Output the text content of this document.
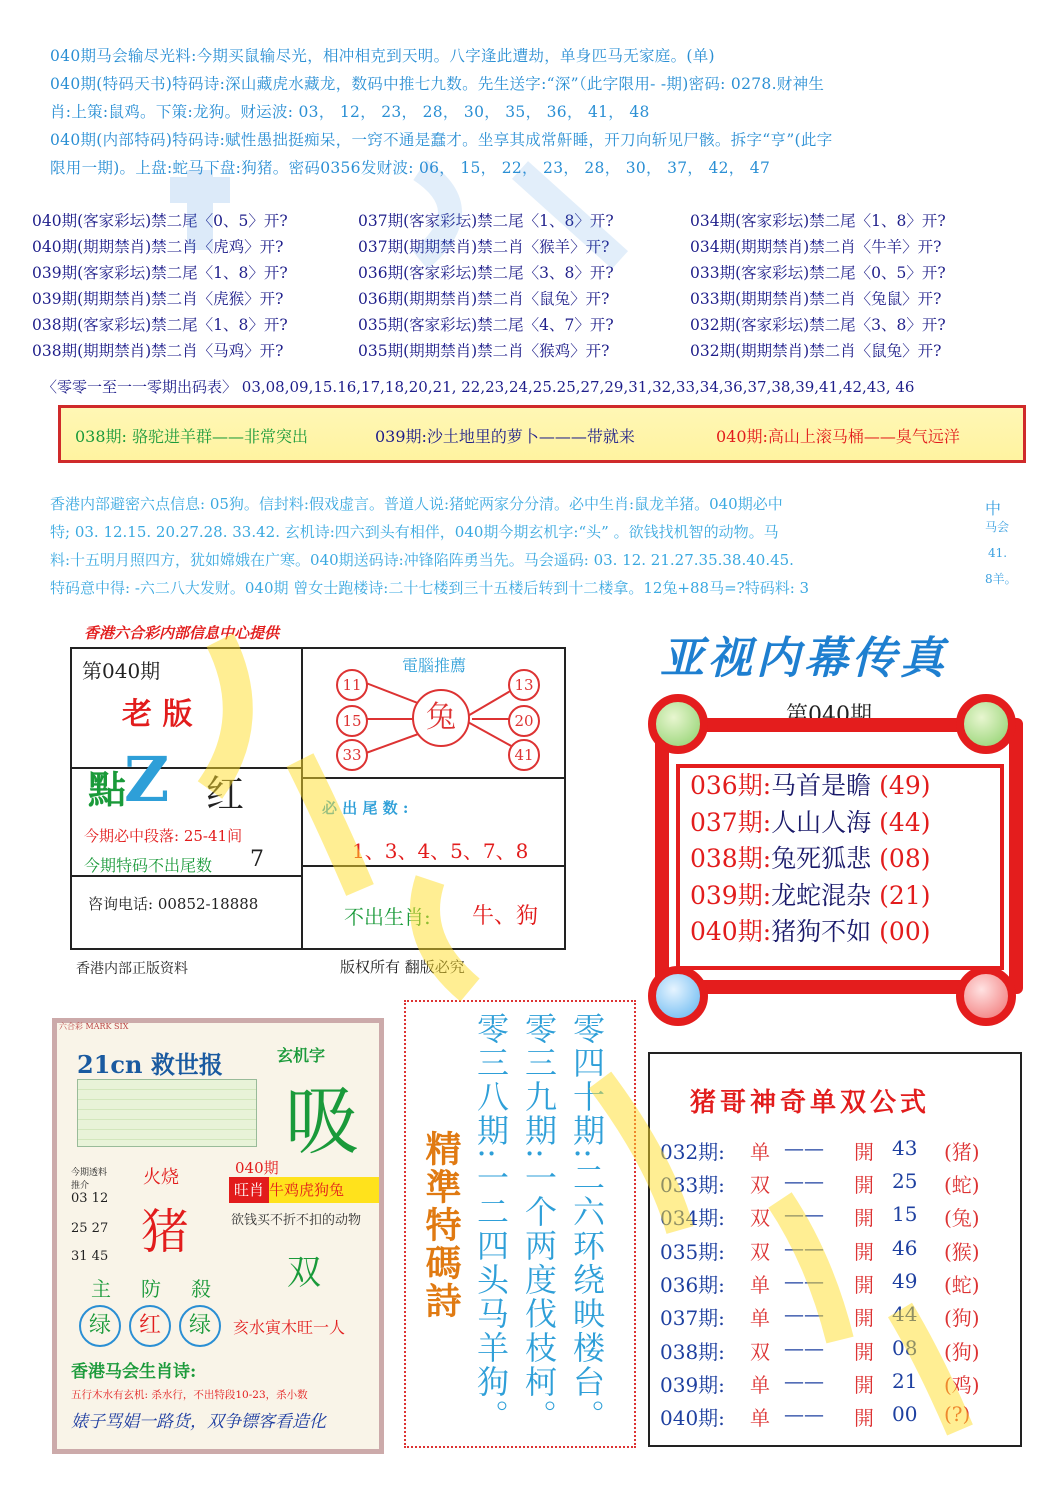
040期马会输尽光料:今期买鼠输尽光，相冲相克到天明。八字逢此遭劫，单身匹马无家庭。(单)
040期(特码天书)特码诗:深山藏虎水藏龙，数码中推七九数。先生送字:“深”（此字限用- -期)密码: 0278.财神生
肖:上策:鼠鸡。下策:龙狗。财运波: 03， 12， 23， 28， 30， 35， 36， 41， 48
040期(内部特码)特码诗:赋性愚拙挺痴呆，一窍不通是蠢才。坐享其成常鼾睡，开刀向斩见尸骸。拆字“亨”(此字
限用一期)。上盘:蛇马下盘:狗猪。密码0356发财波: 06， 15， 22， 23， 28， 30， 37， 42， 47
040期(客家彩坛)禁二尾〈0、5〉开?	037期(客家彩坛)禁二尾〈1、8〉开?	034期(客家彩坛)禁二尾〈1、8〉开?
040期(期期禁肖)禁二肖〈虎鸡〉开?	037期(期期禁肖)禁二肖〈猴羊〉开?	034期(期期禁肖)禁二肖〈牛羊〉开?
039期(客家彩坛)禁二尾〈1、8〉开?	036期(客家彩坛)禁二尾〈3、8〉开?	033期(客家彩坛)禁二尾〈0、5〉开?
039期(期期禁肖)禁二肖〈虎猴〉开?	036期(期期禁肖)禁二肖〈鼠兔〉开?	033期(期期禁肖)禁二肖〈兔鼠〉开?
038期(客家彩坛)禁二尾〈1、8〉开?	035期(客家彩坛)禁二尾〈4、7〉开?	032期(客家彩坛)禁二尾〈3、8〉开?
038期(期期禁肖)禁二肖〈马鸡〉开?	035期(期期禁肖)禁二肖〈猴鸡〉开?	032期(期期禁肖)禁二肖〈鼠兔〉开?
〈零零一至一一零期出码表〉 03,08,09,15.16,17,18,20,21, 22,23,24,25.25,27,29,31,32,33,34,36,37,38,39,41,42,43, 46
038期: 骆驼进羊群——非常突出	039期:沙土地里的萝卜———带就来	040期:高山上滚马桶——臭气远洋
香港内部避密六点信息: 05狗。信封料:假戏虚言。普道人说:猪蛇两家分分清。必中生肖:鼠龙羊猪。040期必中
特; 03. 12.15. 20.27.28. 33.42. 玄机诗:四六到头有相伴，040期今期玄机字:“头” 。欲钱找机智的动物。马
料:十五明月照四方，犹如嫦娥在广寒。040期送码诗:冲锋陷阵勇当先。马会遥码: 03. 12. 21.27.35.38.40.45.
特码意中得: -六二八大发财。040期 曾女士跑楼诗:二十七楼到三十五楼后转到十二楼拿。12兔+88马=?特码料: 3
中
马会
41.
8羊。
香港六合彩内部信息中心提供
第040期
老 版
點
Z 红
今期必中段落: 25-41间
今期特码不出尾数 7
咨询电话: 00852-18888
電腦推薦
11
15
33
兔
13
20
41
必 出 尾 数 :
1、3、4、5、7、8
不出生肖: 牛、狗
香港内部正版资料	版权所有 翻版必究
亚视内幕传真
第040期
036期:马首是瞻 (49)
037期:人山人海 (44)
038期:兔死狐悲 (08)
039期:龙蛇混杂 (21)
040期:猪狗不如 (00)
六合彩 MARK SIX
21cn 救世报	玄机字
吸
040期
旺肖 牛鸡虎狗兔
欲钱买不折不扣的动物
今期透料推介
03 12
25 27
31 45
火烧
猪
双
主 防 殺
绿	红	绿	亥水寅木旺一人
香港马会生肖诗:
五行木水有玄机: 杀水行，不出特段10-23，杀小数
婊子骂娼一路货，双争镖客看造化
精準特碼詩	零四十期:二六环绕映楼台。
零三九期:一个两度伐枝柯。
零三八期:一二四头马羊狗。	猪哥神奇单双公式
032期: 单 —— 開 43 (猪)
033期: 双 —— 開 25 (蛇)
034期: 双 —— 開 15 (兔)
035期: 双 —— 開 46 (猴)
036期: 单 —— 開 49 (蛇)
037期: 单 —— 開 44 (狗)
038期: 双 —— 開 08 (狗)
039期: 单 —— 開 21 (鸡)
040期: 单 —— 開 00 (?)
